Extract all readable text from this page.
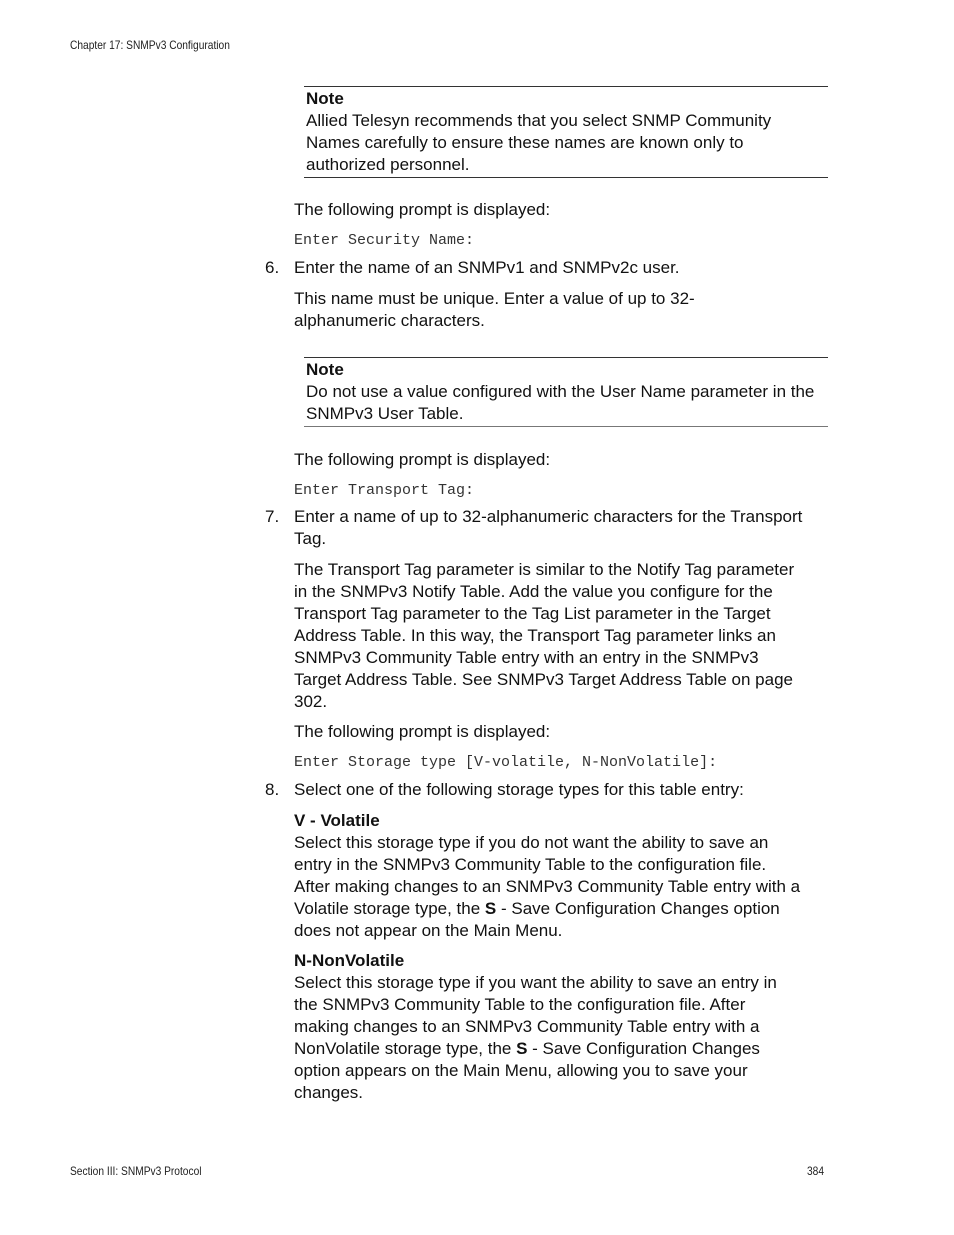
Chapter 17: SNMPv3 Configuration
Note
Allied Telesyn recommends that you select SNMP Community Names carefully to ensure these names are known only to authorized personnel.
The following prompt is displayed:
Enter Security Name:
6. Enter the name of an SNMPv1 and SNMPv2c user.
This name must be unique. Enter a value of up to 32-alphanumeric characters.
Note
Do not use a value configured with the User Name parameter in the SNMPv3 User Table.
The following prompt is displayed:
Enter Transport Tag:
7. Enter a name of up to 32-alphanumeric characters for the Transport Tag.
The Transport Tag parameter is similar to the Notify Tag parameter in the SNMPv3 Notify Table. Add the value you configure for the Transport Tag parameter to the Tag List parameter in the Target Address Table. In this way, the Transport Tag parameter links an SNMPv3 Community Table entry with an entry in the SNMPv3 Target Address Table. See SNMPv3 Target Address Table on page 302.
The following prompt is displayed:
Enter Storage type [V-volatile, N-NonVolatile]:
8. Select one of the following storage types for this table entry:
V - Volatile
Select this storage type if you do not want the ability to save an entry in the SNMPv3 Community Table to the configuration file. After making changes to an SNMPv3 Community Table entry with a Volatile storage type, the S - Save Configuration Changes option does not appear on the Main Menu.
N-NonVolatile
Select this storage type if you want the ability to save an entry in the SNMPv3 Community Table to the configuration file. After making changes to an SNMPv3 Community Table entry with a NonVolatile storage type, the S - Save Configuration Changes option appears on the Main Menu, allowing you to save your changes.
Section III: SNMPv3 Protocol	384
